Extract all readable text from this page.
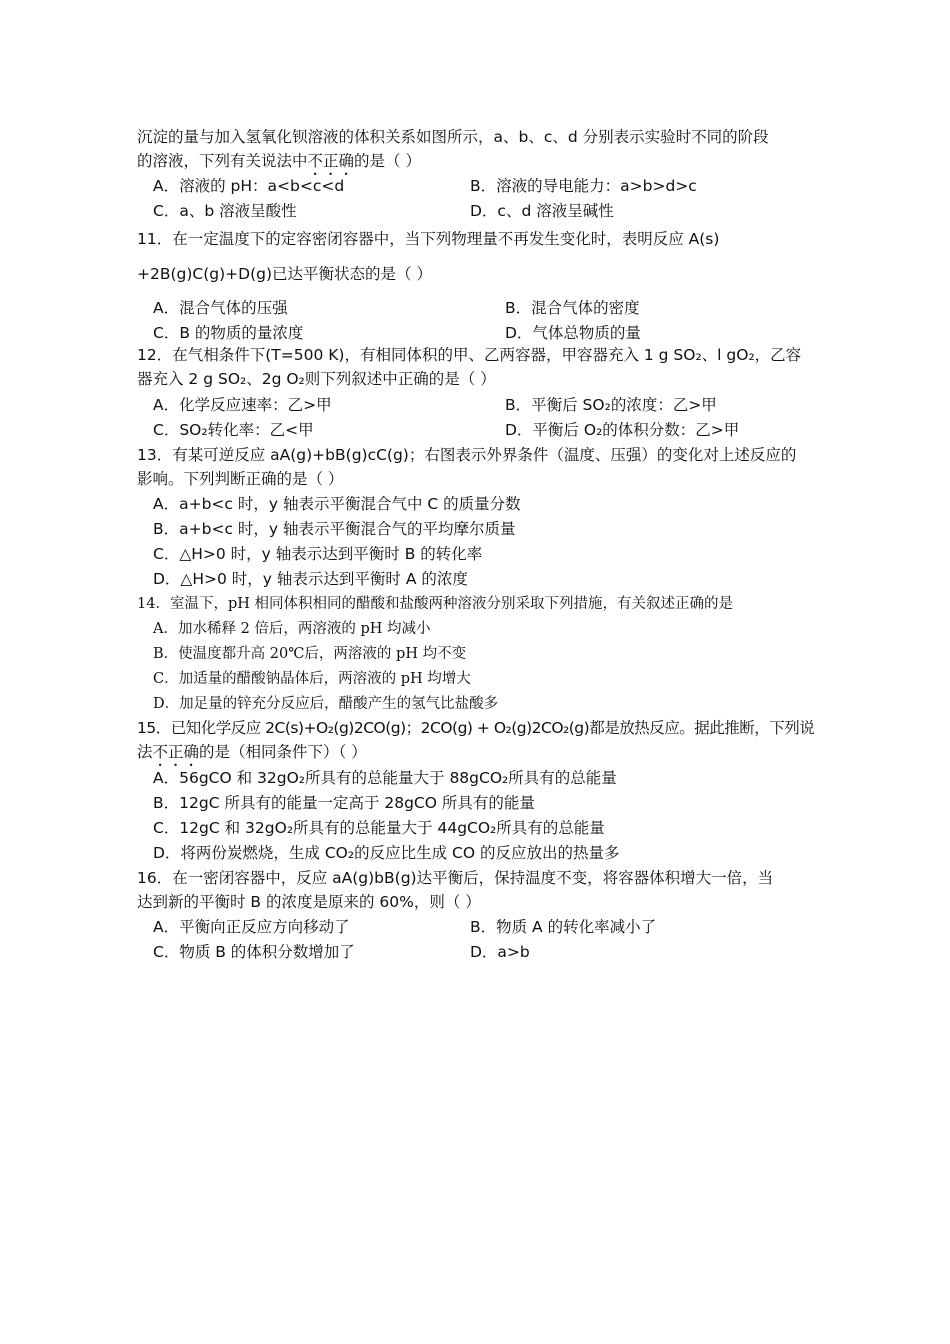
沉淀的量与加入氢氧化钡溶液的体积关系如图所示，a、b、c、d 分别表示实验时不同的阶段
的溶液，下列有关说法中不正确的是（ ）
A．溶液的 pH：a<b<c<d	B．溶液的导电能力：a>b>d>c
C．a、b 溶液呈酸性	D．c、d 溶液呈碱性
11．在一定温度下的定容密闭容器中，当下列物理量不再发生变化时，表明反应 A(s)
+2B(g)C(g)+D(g)已达平衡状态的是（ ）
A．混合气体的压强	B．混合气体的密度
C．B 的物质的量浓度	D．气体总物质的量
12．在气相条件下(T=500 K)，有相同体积的甲、乙两容器，甲容器充入 1 g SO₂、l gO₂，乙容
器充入 2 g SO₂、2g O₂则下列叙述中正确的是（ ）
A．化学反应速率：乙>甲	B．平衡后 SO₂的浓度：乙>甲
C．SO₂转化率：乙<甲	D．平衡后 O₂的体积分数：乙>甲
13．有某可逆反应 aA(g)+bB(g)cC(g)；右图表示外界条件（温度、压强）的变化对上述反应的
影响。下列判断正确的是（ ）
A．a+b<c 时，y 轴表示平衡混合气中 C 的质量分数
B．a+b<c 时，y 轴表示平衡混合气的平均摩尔质量
C．△H>0 时，y 轴表示达到平衡时 B 的转化率
D．△H>0 时，y 轴表示达到平衡时 A 的浓度
14．室温下，pH 相同体积相同的醋酸和盐酸两种溶液分别采取下列措施，有关叙述正确的是
A．加水稀释 2 倍后，两溶液的 pH 均减小
B．使温度都升高 20℃后，两溶液的 pH 均不变
C．加适量的醋酸钠晶体后，两溶液的 pH 均增大
D．加足量的锌充分反应后，醋酸产生的氢气比盐酸多
15．已知化学反应 2C(s)+O₂(g)2CO(g)；2CO(g) + O₂(g)2CO₂(g)都是放热反应。据此推断，下列说
法不正确的是（相同条件下）（ ）
A．56gCO 和 32gO₂所具有的总能量大于 88gCO₂所具有的总能量
B．12gC 所具有的能量一定高于 28gCO 所具有的能量
C．12gC 和 32gO₂所具有的总能量大于 44gCO₂所具有的总能量
D．将两份炭燃烧，生成 CO₂的反应比生成 CO 的反应放出的热量多
16．在一密闭容器中，反应 aA(g)bB(g)达平衡后，保持温度不变，将容器体积增大一倍，当
达到新的平衡时 B 的浓度是原来的 60%，则（ ）
A．平衡向正反应方向移动了	B．物质 A 的转化率减小了
C．物质 B 的体积分数增加了	D．a>b
